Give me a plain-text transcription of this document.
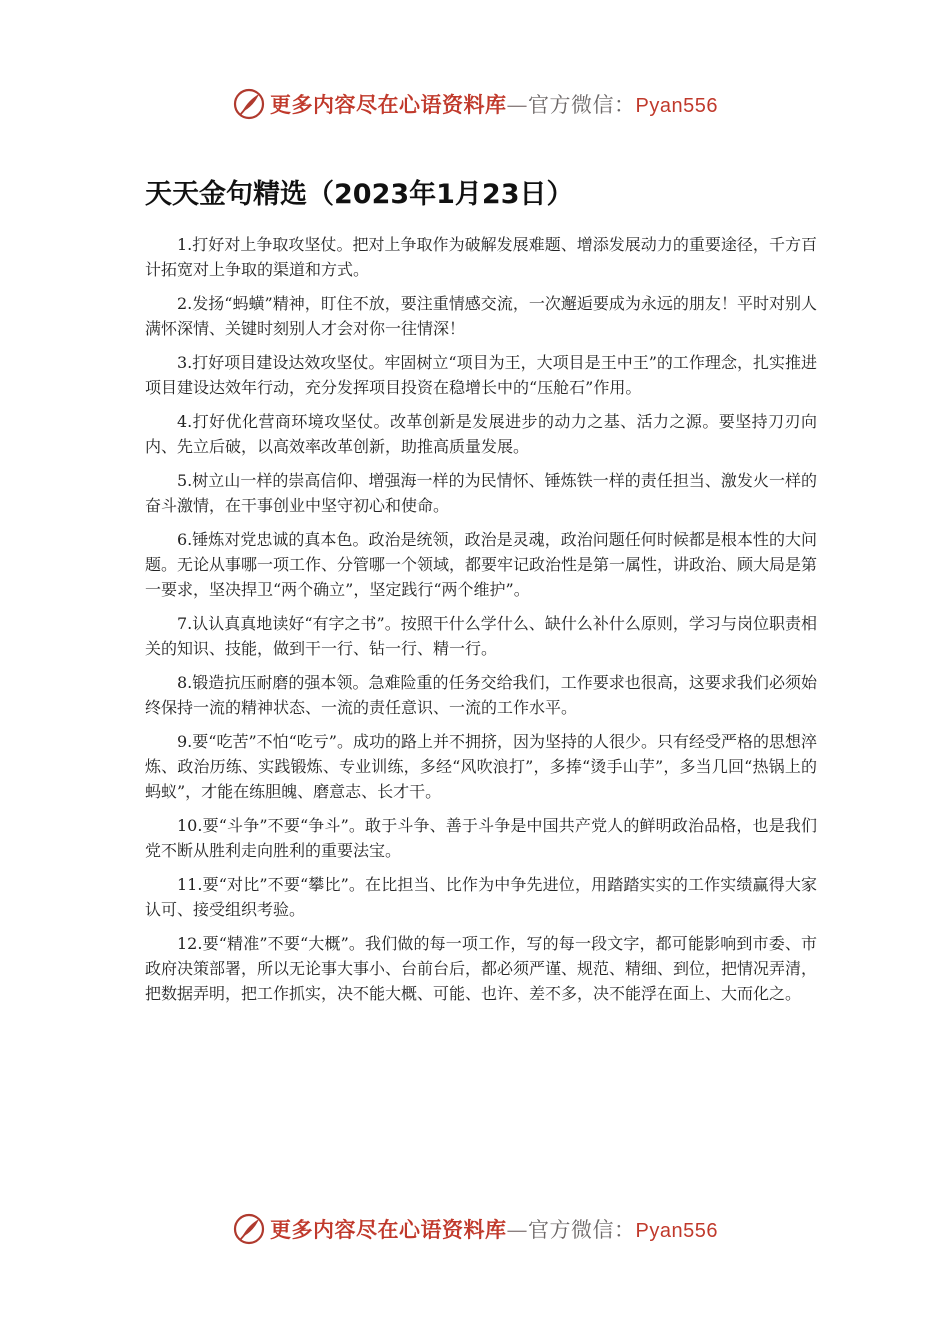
更多内容尽在心语资料库—官方微信：Pyan556
天天金句精选（2023年1月23日）

1.打好对上争取攻坚仗。把对上争取作为破解发展难题、增添发展动力的重要途径，千方百计拓宽对上争取的渠道和方式。

2.发扬“蚂蟥”精神，盯住不放，要注重情感交流，一次邂逅要成为永远的朋友！平时对别人满怀深情、关键时刻别人才会对你一往情深！

3.打好项目建设达效攻坚仗。牢固树立“项目为王，大项目是王中王”的工作理念，扎实推进项目建设达效年行动，充分发挥项目投资在稳增长中的“压舱石”作用。

4.打好优化营商环境攻坚仗。改革创新是发展进步的动力之基、活力之源。要坚持刀刃向内、先立后破，以高效率改革创新，助推高质量发展。

5.树立山一样的崇高信仰、增强海一样的为民情怀、锤炼铁一样的责任担当、激发火一样的奋斗激情，在干事创业中坚守初心和使命。

6.锤炼对党忠诚的真本色。政治是统领，政治是灵魂，政治问题任何时候都是根本性的大问题。无论从事哪一项工作、分管哪一个领域，都要牢记政治性是第一属性，讲政治、顾大局是第一要求，坚决捍卫“两个确立”，坚定践行“两个维护”。

7.认认真真地读好“有字之书”。按照干什么学什么、缺什么补什么原则，学习与岗位职责相关的知识、技能，做到干一行、钻一行、精一行。

8.锻造抗压耐磨的强本领。急难险重的任务交给我们，工作要求也很高，这要求我们必须始终保持一流的精神状态、一流的责任意识、一流的工作水平。

9.要“吃苦”不怕“吃亏”。成功的路上并不拥挤，因为坚持的人很少。只有经受严格的思想淬炼、政治历练、实践锻炼、专业训练，多经“风吹浪打”，多捧“烫手山芋”，多当几回“热锅上的蚂蚁”，才能在练胆魄、磨意志、长才干。

10.要“斗争”不要“争斗”。敢于斗争、善于斗争是中国共产党人的鲜明政治品格，也是我们党不断从胜利走向胜利的重要法宝。

11.要“对比”不要“攀比”。在比担当、比作为中争先进位，用踏踏实实的工作实绩赢得大家认可、接受组织考验。

12.要“精准”不要“大概”。我们做的每一项工作，写的每一段文字，都可能影响到市委、市政府决策部署，所以无论事大事小、台前台后，都必须严谨、规范、精细、到位，把情况弄清，把数据弄明，把工作抓实，决不能大概、可能、也许、差不多，决不能浮在面上、大而化之。

更多内容尽在心语资料库—官方微信：Pyan556
